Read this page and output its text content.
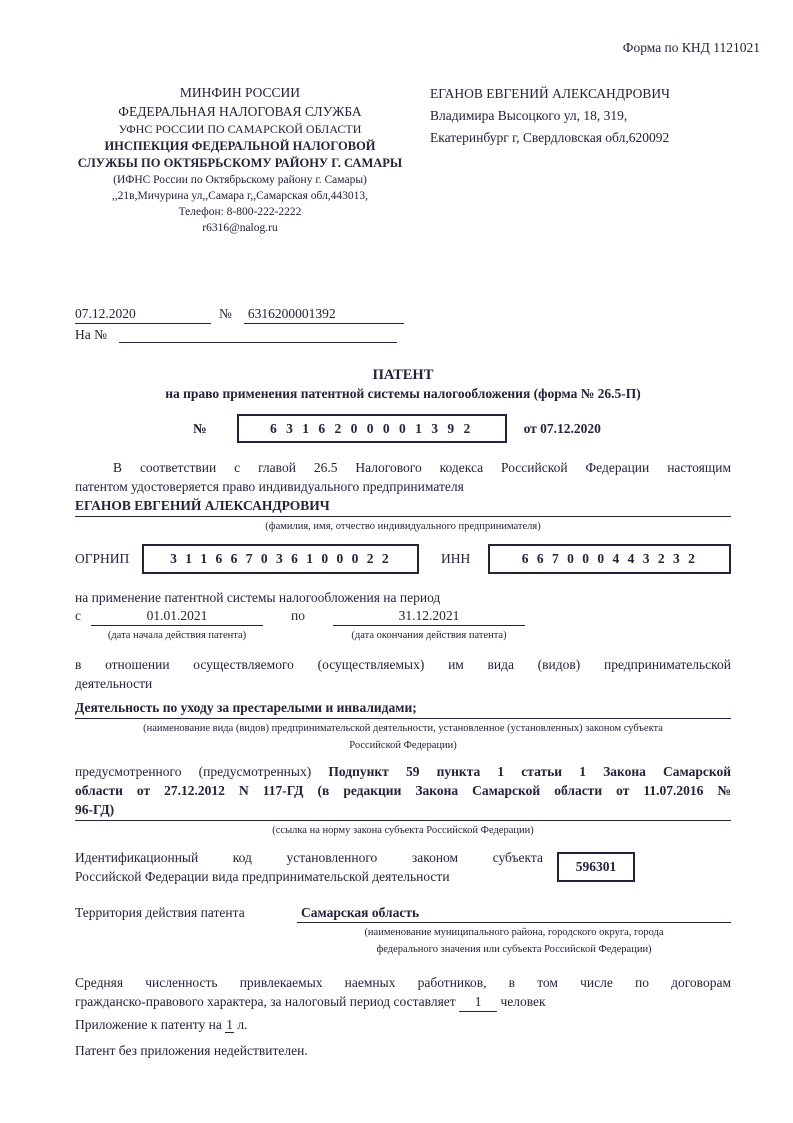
Форма по КНД 1121021
МИНФИН РОССИИ
ФЕДЕРАЛЬНАЯ НАЛОГОВАЯ СЛУЖБА
УФНС РОССИИ ПО САМАРСКОЙ ОБЛАСТИ
ИНСПЕКЦИЯ ФЕДЕРАЛЬНОЙ НАЛОГОВОЙ
СЛУЖБЫ ПО ОКТЯБРЬСКОМУ РАЙОНУ Г. САМАРЫ
(ИФНС России по Октябрьскому району г. Самары)
,,21в,Мичурина ул,,Самара г,,Самарская обл,443013,
Телефон: 8-800-222-2222
r6316@nalog.ru
ЕГАНОВ ЕВГЕНИЙ АЛЕКСАНДРОВИЧ
Владимира Высоцкого ул, 18, 319,
Екатеринбург г, Свердловская обл,620092
07.12.2020	№ 6316200001392
На №
ПАТЕНТ
на право применения патентной системы налогообложения (форма № 26.5-П)
№	6 3 1 6 2 0 0 0 0 1 3 9 2	от 07.12.2020
В соответствии с главой 26.5 Налогового кодекса Российской Федерации настоящим
патентом удостоверяется право индивидуального предпринимателя
ЕГАНОВ ЕВГЕНИЙ АЛЕКСАНДРОВИЧ
(фамилия, имя, отчество индивидуального предпринимателя)
ОГРНИП	3 1 1 6 6 7 0 3 6 1 0 0 0 2 2	ИНН	6 6 7 0 0 0 4 4 3 2 3 2
на применение патентной системы налогообложения на период
с	01.01.2021	по	31.12.2021
(дата начала действия патента)	(дата окончания действия патента)
в отношении осуществляемого (осуществляемых) им вида (видов) предпринимательской
деятельности
Деятельность по уходу за престарелыми и инвалидами;
(наименование вида (видов) предпринимательской деятельности, установленное (установленных) законом субъекта
Российской Федерации)
предусмотренного (предусмотренных) Подпункт 59 пункта 1 статьи 1 Закона Самарской
области от 27.12.2012 N 117-ГД (в редакции Закона Самарской области от 11.07.2016 №
96-ГД)
(ссылка на норму закона субъекта Российской Федерации)
Идентификационный код установленного законом субъекта
Российской Федерации вида предпринимательской деятельности
596301
Территория действия патента	Самарская область
(наименование муниципального района, городского округа, города
федерального значения или субъекта Российской Федерации)
Средняя численность привлекаемых наемных работников, в том числе по договорам
гражданско-правового характера, за налоговый период составляет 1 человек
Приложение к патенту на 1 л.
Патент без приложения недействителен.
